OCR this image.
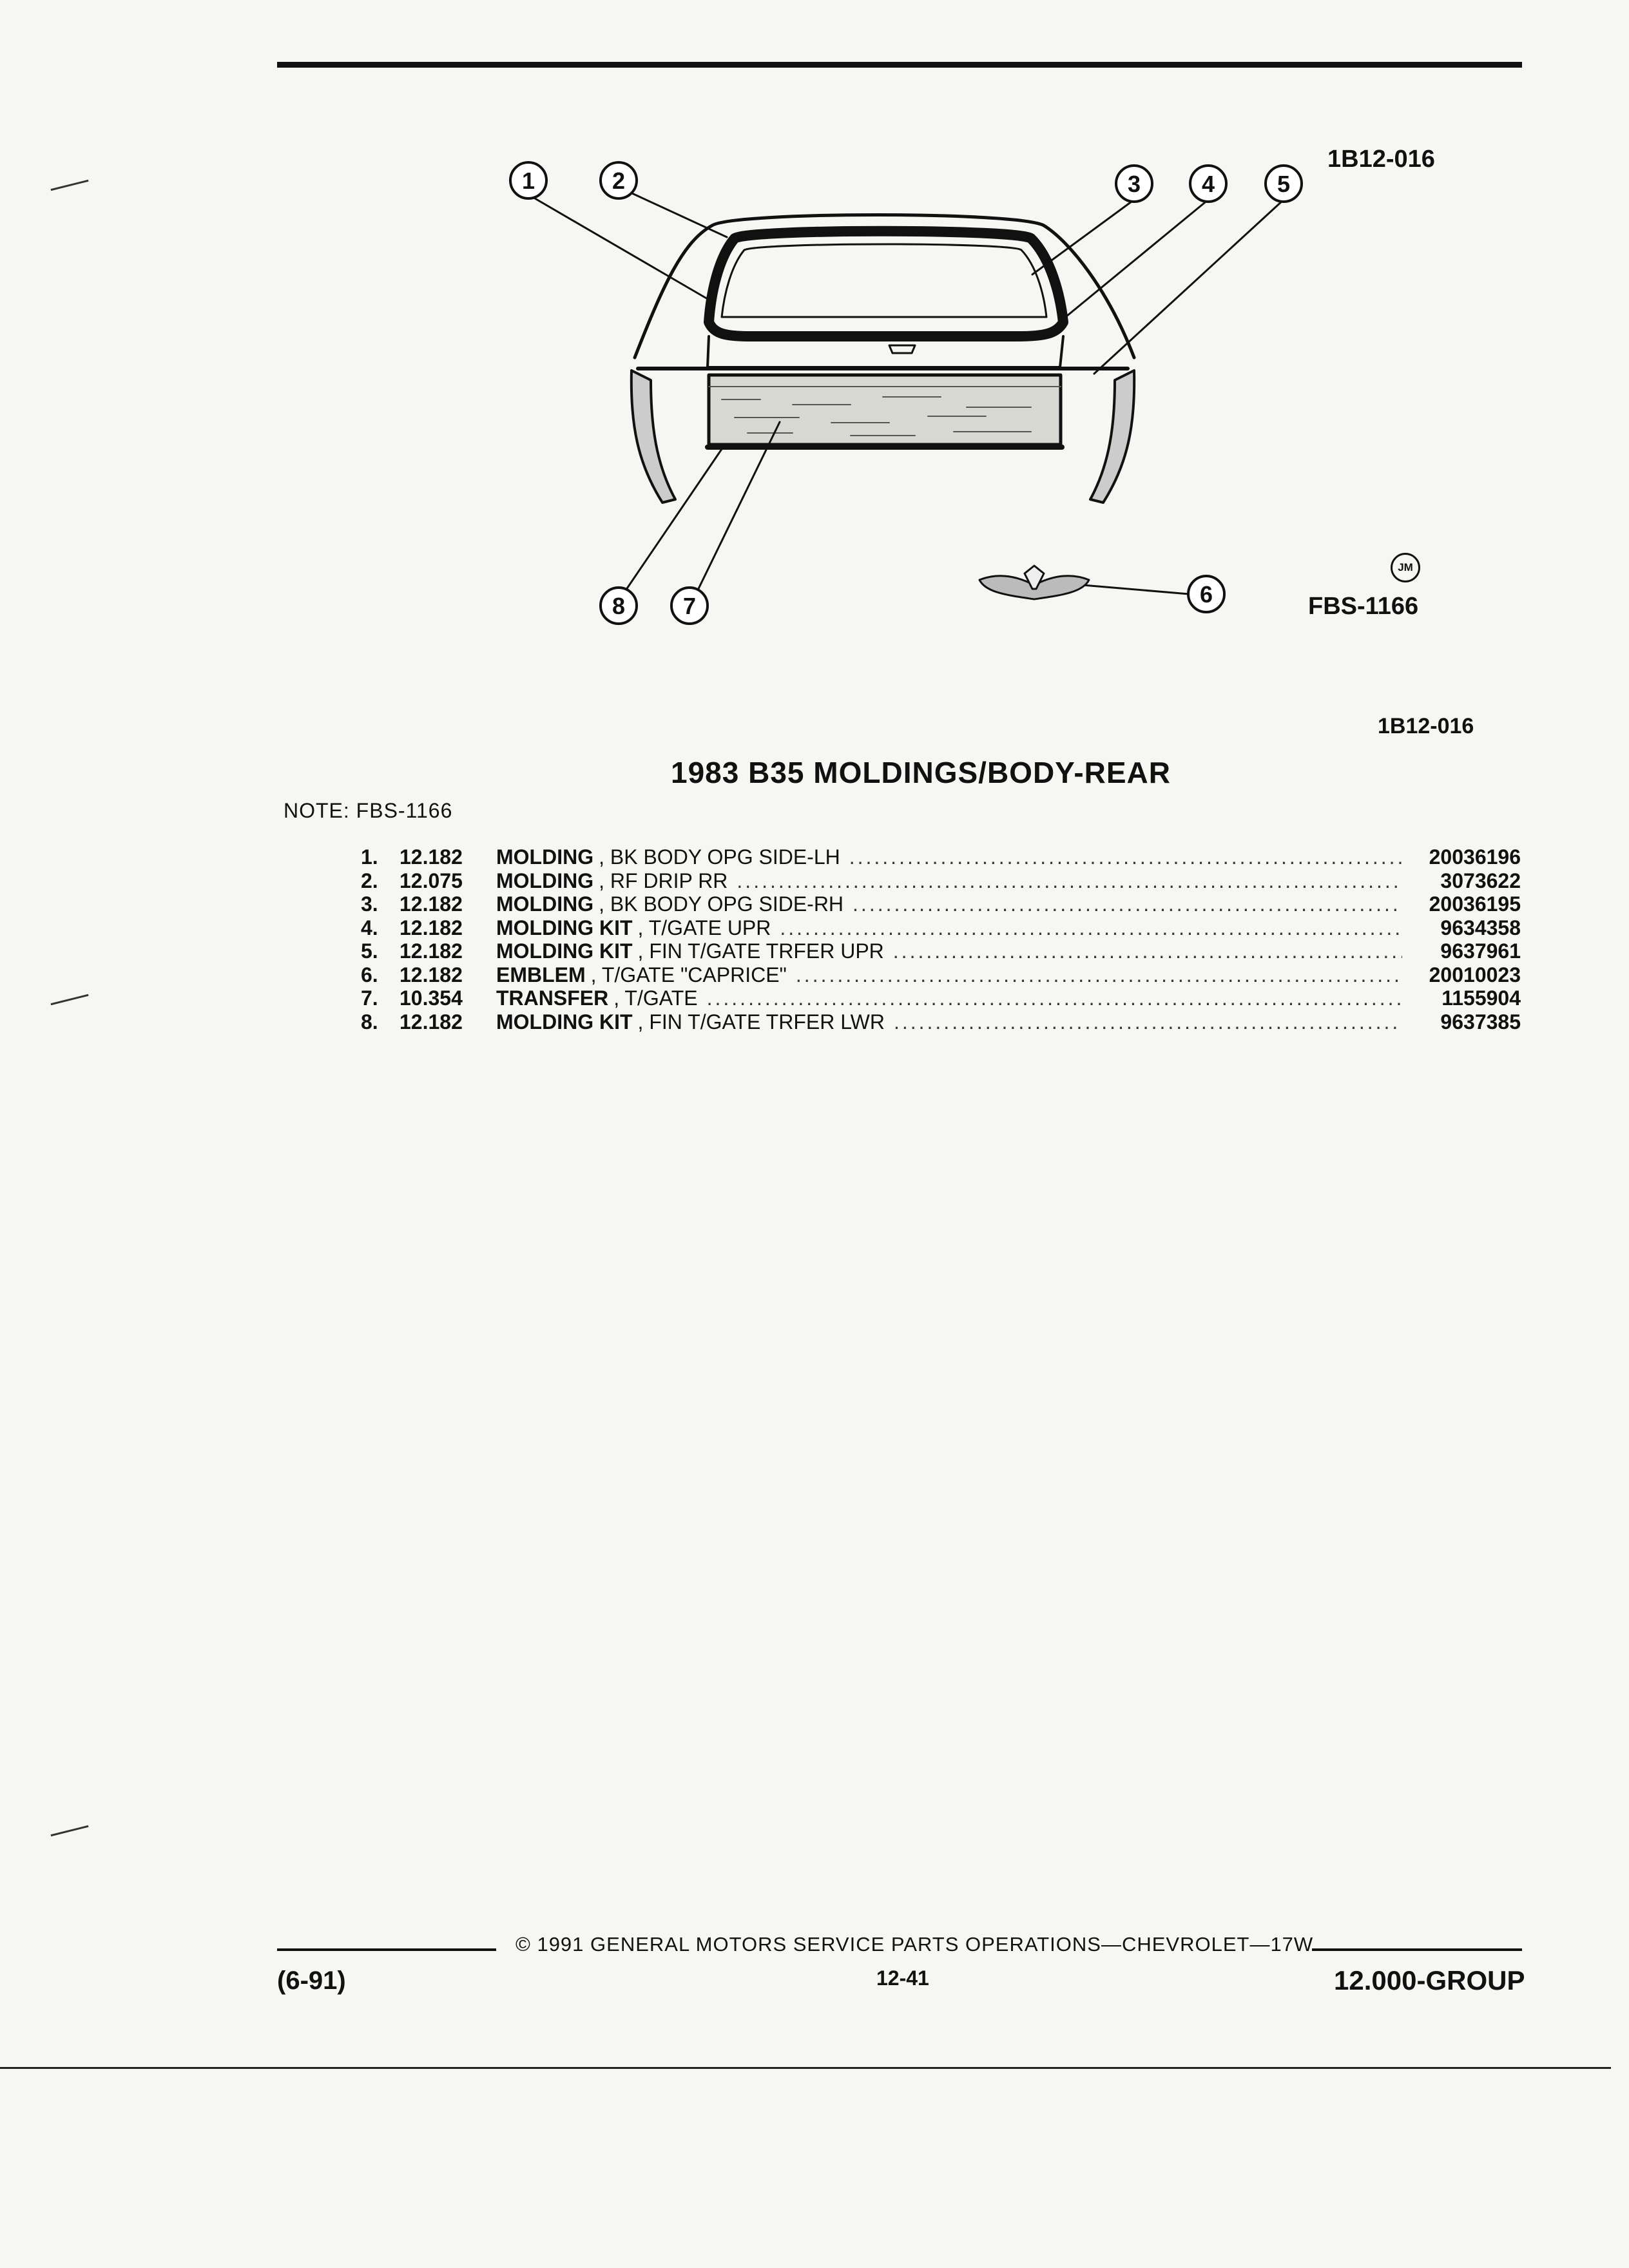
1	2	3	4	5
6
7
8
1B12-016
JM
FBS-1166
1B12-016
1983 B35 MOLDINGS/BODY-REAR
NOTE: FBS-1166
1.	12.182	MOLDING , BK BODY OPG SIDE-LH .....	20036196
2.	12.075	MOLDING , RF DRIP RR .....	3073622
3.	12.182	MOLDING , BK BODY OPG SIDE-RH .....	20036195
4.	12.182	MOLDING KIT , T/GATE UPR .....	9634358
5.	12.182	MOLDING KIT , FIN T/GATE TRFER UPR .....	9637961
6.	12.182	EMBLEM , T/GATE "CAPRICE" .....	20010023
7.	10.354	TRANSFER , T/GATE .....	1155904
8.	12.182	MOLDING KIT , FIN T/GATE TRFER LWR .....	9637385
© 1991 GENERAL MOTORS SERVICE PARTS OPERATIONS—CHEVROLET—17W
(6-91)	12-41	12.000-GROUP
